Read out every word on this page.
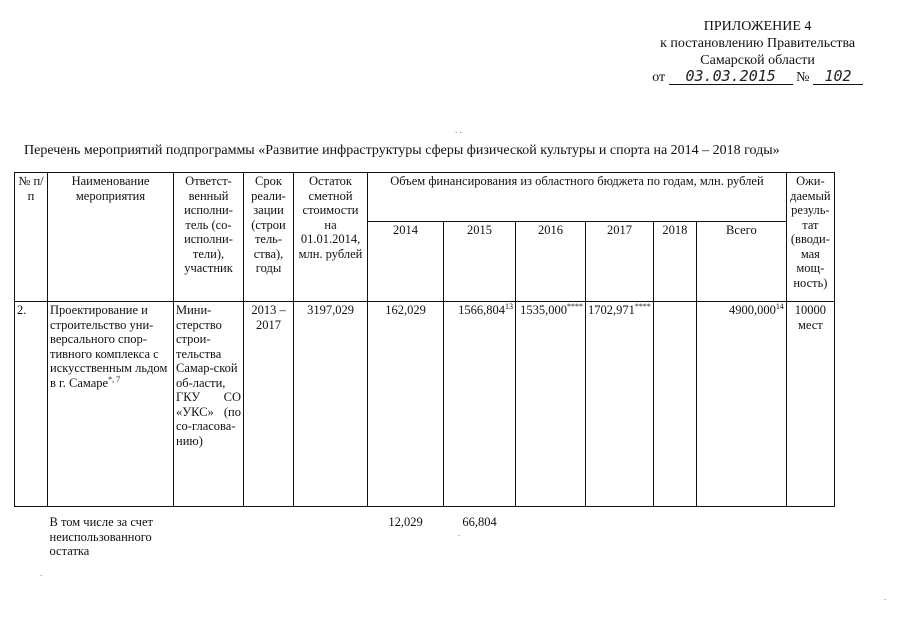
ПРИЛОЖЕНИЕ 4
к постановлению Правительства
Самарской области
от 03.03.2015 № 102
Перечень мероприятий подпрограммы «Развитие инфраструктуры сферы физической культуры и спорта на 2014 – 2018 годы»
№ п/п	Наименование мероприятия	Ответст-венный исполни-тель (со-исполни-тели), участник	Срок реали-зации (строи тель-ства), годы	Остаток сметной стоимости на 01.01.2014, млн. рублей	Объем финансирования из областного бюджета по годам, млн. рублей						Ожи-даемый резуль-тат (вводи-мая мощ-ность)
					2014	2015	2016	2017	2018	Всего	
2.	Проектирование и строительство уни-версального спор-тивного комплекса с искусственным льдом в г. Самаре$^{*, 7}$	Мини-стерство строи-тельства Самар-ской об-ласти, ГКУ СО «УКС» (по со-гласова-нию)	2013 – 2017	3197,029	162,029	1566,804$^{13}$	1535,000****	1702,971****		4900,000$^{14}$	10000 мест
	В том числе за счет неиспользованного остатка				12,029	66,804					
. .
.
.
.
